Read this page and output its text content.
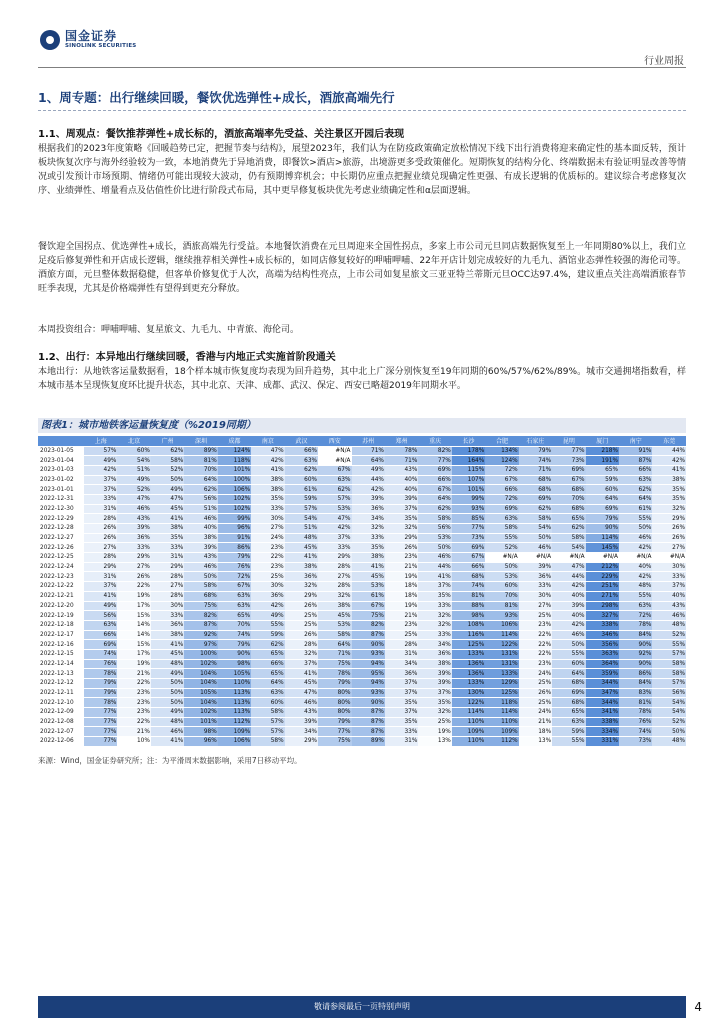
国金证券
SINOLINK SECURITIES
行业周报
1、周专题：出行继续回暖，餐饮优选弹性+成长，酒旅高端先行
1.1、周观点：餐饮推荐弹性+成长标的，酒旅高端率先受益、关注景区开园后表现

根据我们的2023年度策略《回暖趋势已定，把握节奏与结构》，展望2023年，我们认为在防疫政策确定放松情况下线下出行消费将迎来确定性的基本面反转，预计板块恢复次序与海外经验较为一致，本地消费先于异地消费，即餐饮>酒店>旅游，出境游更多受政策催化。短期恢复的结构分化、终端数据未有验证明显改善等情况或引发预计市场预期、情绪仍可能出现较大波动，仍有预期博弈机会；中长期仍应重点把握业绩兑现确定性更强、有成长逻辑的优质标的。建议综合考虑修复次序、业绩弹性、增量看点及估值性价比进行阶段式布局，其中更早修复板块优先考虑业绩确定性和α层面逻辑。

餐饮迎全国拐点、优选弹性+成长，酒旅高端先行受益。本地餐饮消费在元旦周迎来全国性拐点，多家上市公司元旦同店数据恢复至上一年同期80%以上，我们立足疫后修复弹性和开店成长逻辑，继续推荐相关弹性+成长标的，如同店修复较好的呷哺呷哺、22年开店计划完成较好的九毛九、酒馆业态弹性较强的海伦司等。酒旅方面，元旦整体数据稳健，但客单价修复优于人次，高端为结构性亮点，上市公司如复星旅文三亚亚特兰蒂斯元旦OCC达97.4%，建议重点关注高端酒旅春节旺季表现，尤其是价格端弹性有望得到更充分释放。

本周投资组合：呷哺呷哺、复星旅文、九毛九、中青旅、海伦司。

1.2、出行：本异地出行继续回暖，香港与内地正式实施首阶段通关

本地出行：从地铁客运量数据看，18个样本城市恢复度均表现为回升趋势，其中北上广深分别恢复至19年同期的60%/57%/62%/89%。城市交通拥堵指数看，样本城市基本呈现恢复度环比提升状态，其中北京、天津、成都、武汉、保定、西安已略超2019年同期水平。

图表1：城市地铁客运量恢复度（%2019同期）
	上海	北京	广州	深圳	成都	南京	武汉	西安	苏州	郑州	重庆	长沙	合肥	石家庄	昆明	厦门	南宁	东莞
2023-01-05	57%	60%	62%	89%	124%	47%	66%	#N/A	71%	78%	82%	178%	134%	79%	77%	218%	91%	44%
2023-01-04	49%	54%	58%	81%	118%	42%	63%	#N/A	64%	71%	77%	164%	124%	74%	73%	191%	87%	42%
2023-01-03	42%	51%	52%	70%	101%	41%	62%	67%	49%	43%	69%	115%	72%	71%	69%	65%	66%	41%
2023-01-02	37%	49%	50%	64%	100%	38%	60%	63%	44%	40%	66%	107%	67%	68%	67%	59%	63%	38%
2023-01-01	37%	52%	49%	62%	106%	38%	61%	62%	42%	40%	67%	101%	66%	68%	68%	60%	62%	35%
2022-12-31	33%	47%	47%	56%	102%	35%	59%	57%	39%	39%	64%	99%	72%	69%	70%	64%	64%	35%
2022-12-30	31%	46%	45%	51%	102%	33%	57%	53%	36%	37%	62%	93%	69%	62%	68%	69%	61%	32%
2022-12-29	28%	43%	41%	46%	99%	30%	54%	47%	34%	35%	58%	85%	63%	58%	65%	79%	55%	29%
2022-12-28	26%	39%	38%	40%	96%	27%	51%	42%	32%	32%	56%	77%	58%	54%	62%	90%	50%	26%
2022-12-27	26%	36%	35%	38%	91%	24%	48%	37%	33%	29%	53%	73%	55%	50%	58%	114%	46%	26%
2022-12-26	27%	33%	33%	39%	86%	23%	45%	33%	35%	26%	50%	69%	52%	46%	54%	145%	42%	27%
2022-12-25	28%	29%	31%	43%	79%	22%	41%	29%	38%	23%	46%	67%	#N/A	#N/A	#N/A	#N/A	#N/A	#N/A
2022-12-24	29%	27%	29%	46%	76%	23%	38%	28%	41%	21%	44%	66%	50%	39%	47%	212%	40%	30%
2022-12-23	31%	26%	28%	50%	72%	25%	36%	27%	45%	19%	41%	68%	53%	36%	44%	229%	42%	33%
2022-12-22	37%	22%	27%	58%	67%	30%	32%	28%	53%	18%	37%	74%	60%	33%	42%	251%	48%	37%
2022-12-21	41%	19%	28%	68%	63%	36%	29%	32%	61%	18%	35%	81%	70%	30%	40%	271%	55%	40%
2022-12-20	49%	17%	30%	75%	63%	42%	26%	38%	67%	19%	33%	88%	81%	27%	39%	298%	63%	43%
2022-12-19	56%	15%	33%	82%	65%	49%	25%	45%	75%	21%	32%	98%	93%	25%	40%	327%	72%	46%
2022-12-18	63%	14%	36%	87%	70%	55%	25%	53%	82%	23%	32%	108%	106%	23%	42%	338%	78%	48%
2022-12-17	66%	14%	38%	92%	74%	59%	26%	58%	87%	25%	33%	116%	114%	22%	46%	346%	84%	52%
2022-12-16	69%	15%	41%	97%	79%	62%	28%	64%	90%	28%	34%	125%	122%	22%	50%	356%	90%	55%
2022-12-15	74%	17%	45%	100%	90%	65%	32%	71%	93%	31%	36%	133%	131%	22%	55%	363%	92%	57%
2022-12-14	76%	19%	48%	102%	98%	66%	37%	75%	94%	34%	38%	136%	131%	23%	60%	364%	90%	58%
2022-12-13	78%	21%	49%	104%	105%	65%	41%	78%	95%	36%	39%	136%	133%	24%	64%	359%	86%	58%
2022-12-12	79%	22%	50%	104%	110%	64%	45%	79%	94%	37%	39%	133%	129%	25%	68%	344%	84%	57%
2022-12-11	79%	23%	50%	105%	113%	63%	47%	80%	93%	37%	37%	130%	125%	26%	69%	347%	83%	56%
2022-12-10	78%	23%	50%	104%	113%	60%	46%	80%	90%	35%	35%	122%	118%	25%	68%	344%	81%	54%
2022-12-09	77%	23%	49%	102%	113%	58%	43%	80%	87%	37%	32%	114%	114%	24%	65%	341%	78%	54%
2022-12-08	77%	22%	48%	101%	112%	57%	39%	79%	87%	35%	25%	110%	110%	21%	63%	338%	76%	52%
2022-12-07	77%	21%	46%	98%	109%	57%	34%	77%	87%	33%	19%	109%	109%	18%	59%	334%	74%	50%
2022-12-06	77%	10%	41%	96%	106%	58%	29%	75%	89%	31%	13%	110%	112%	13%	55%	331%	73%	48%
来源：Wind，国金证券研究所；注：为平滑周末数据影响，采用7日移动平均。
敬请参阅最后一页特别声明	4
